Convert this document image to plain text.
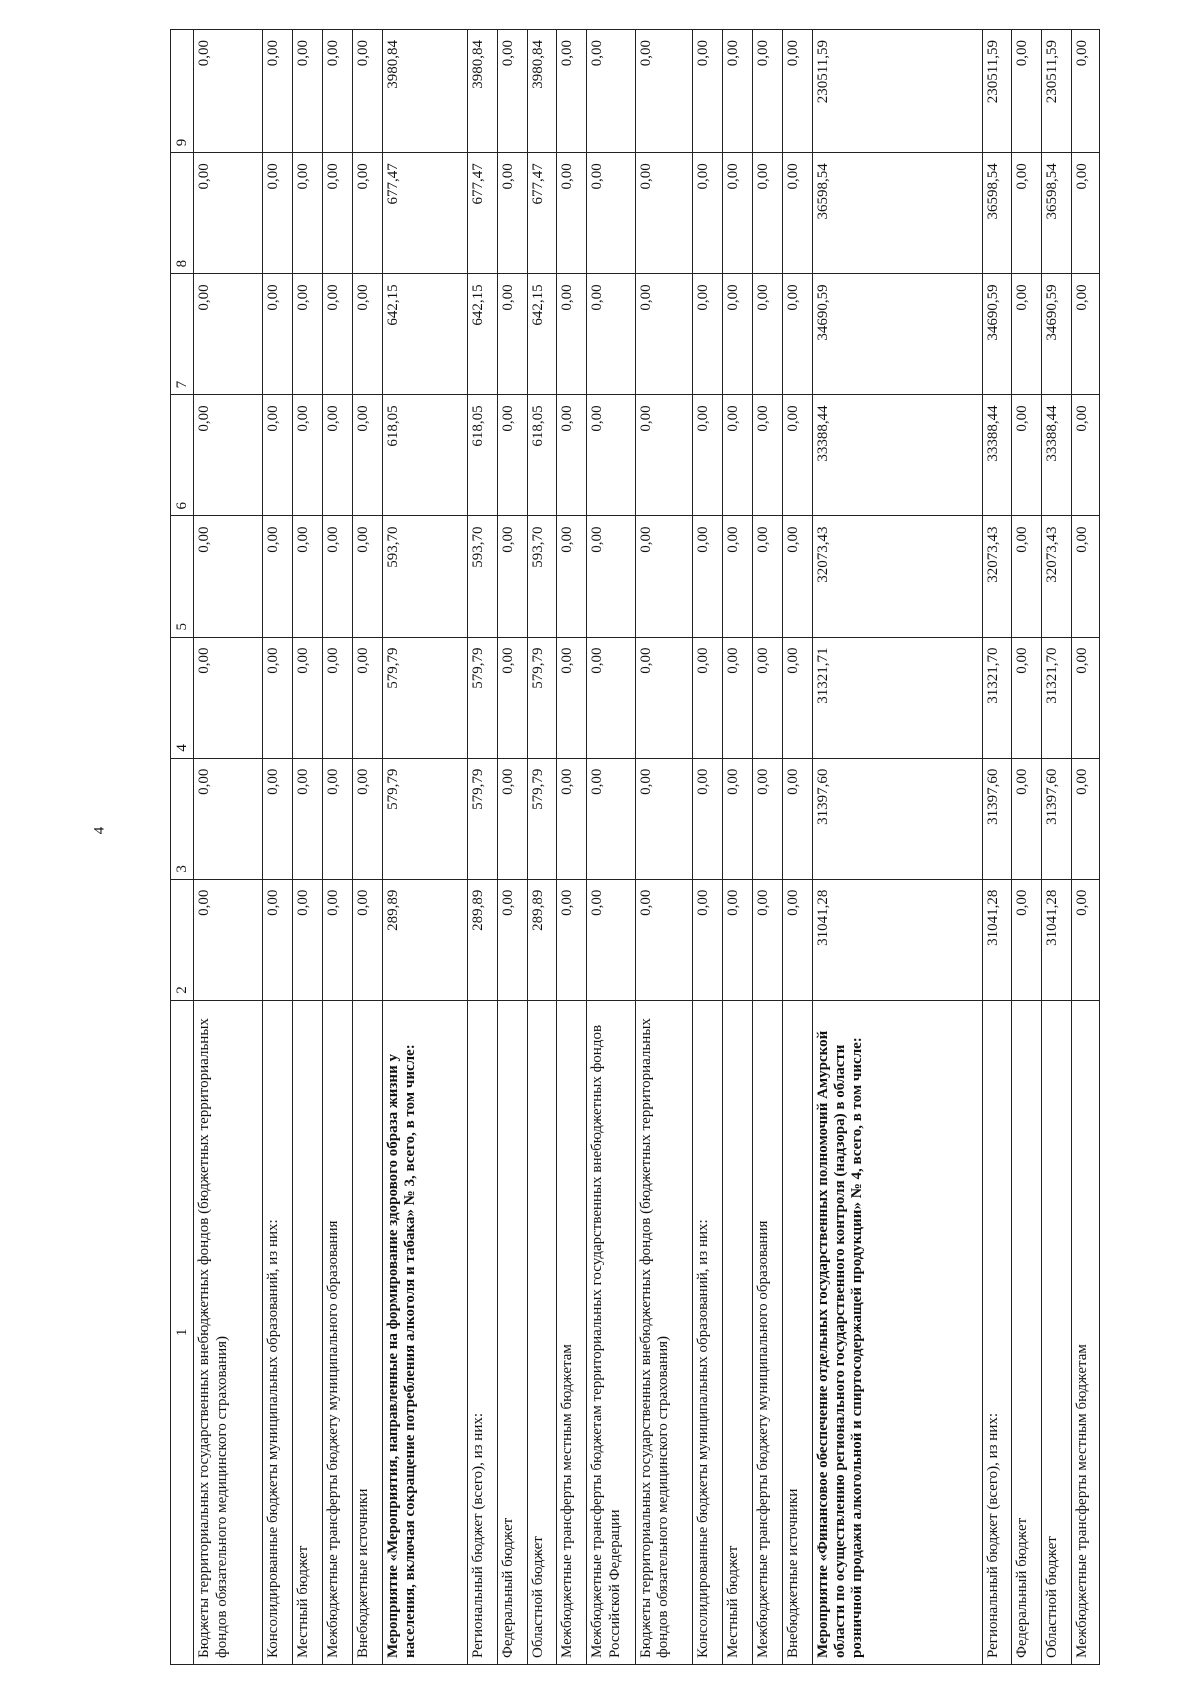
4
1	2	3	4	5	6	7	8	9
Бюджеты территориальных государственных внебюджетных фондов (бюджетных территориальных фондов обязательного медицинского страхования)	0,00	0,00	0,00	0,00	0,00	0,00	0,00	0,00
Консолидированные бюджеты муниципальных образований, из них:	0,00	0,00	0,00	0,00	0,00	0,00	0,00	0,00
Местный бюджет	0,00	0,00	0,00	0,00	0,00	0,00	0,00	0,00
Межбюджетные трансферты бюджету муниципального образования	0,00	0,00	0,00	0,00	0,00	0,00	0,00	0,00
Внебюджетные источники	0,00	0,00	0,00	0,00	0,00	0,00	0,00	0,00
Мероприятие «Мероприятия, направленные на формирование здорового образа жизни у населения, включая сокращение потребления алкоголя и табака» № 3, всего, в том числе:	289,89	579,79	579,79	593,70	618,05	642,15	677,47	3980,84
Региональный бюджет (всего), из них:	289,89	579,79	579,79	593,70	618,05	642,15	677,47	3980,84
Федеральный бюджет	0,00	0,00	0,00	0,00	0,00	0,00	0,00	0,00
Областной бюджет	289,89	579,79	579,79	593,70	618,05	642,15	677,47	3980,84
Межбюджетные трансферты местным бюджетам	0,00	0,00	0,00	0,00	0,00	0,00	0,00	0,00
Межбюджетные трансферты бюджетам территориальных государственных внебюджетных фондов Российской Федерации	0,00	0,00	0,00	0,00	0,00	0,00	0,00	0,00
Бюджеты территориальных государственных внебюджетных фондов (бюджетных территориальных фондов обязательного медицинского страхования)	0,00	0,00	0,00	0,00	0,00	0,00	0,00	0,00
Консолидированные бюджеты муниципальных образований, из них:	0,00	0,00	0,00	0,00	0,00	0,00	0,00	0,00
Местный бюджет	0,00	0,00	0,00	0,00	0,00	0,00	0,00	0,00
Межбюджетные трансферты бюджету муниципального образования	0,00	0,00	0,00	0,00	0,00	0,00	0,00	0,00
Внебюджетные источники	0,00	0,00	0,00	0,00	0,00	0,00	0,00	0,00
Мероприятие «Финансовое обеспечение отдельных государственных полномочий Амурской области по осуществлению регионального государственного контроля (надзора) в области розничной продажи алкогольной и спиртосодержащей продукции» № 4, всего, в том числе:	31041,28	31397,60	31321,71	32073,43	33388,44	34690,59	36598,54	230511,59
Региональный бюджет (всего), из них:	31041,28	31397,60	31321,70	32073,43	33388,44	34690,59	36598,54	230511,59
Федеральный бюджет	0,00	0,00	0,00	0,00	0,00	0,00	0,00	0,00
Областной бюджет	31041,28	31397,60	31321,70	32073,43	33388,44	34690,59	36598,54	230511,59
Межбюджетные трансферты местным бюджетам	0,00	0,00	0,00	0,00	0,00	0,00	0,00	0,00
